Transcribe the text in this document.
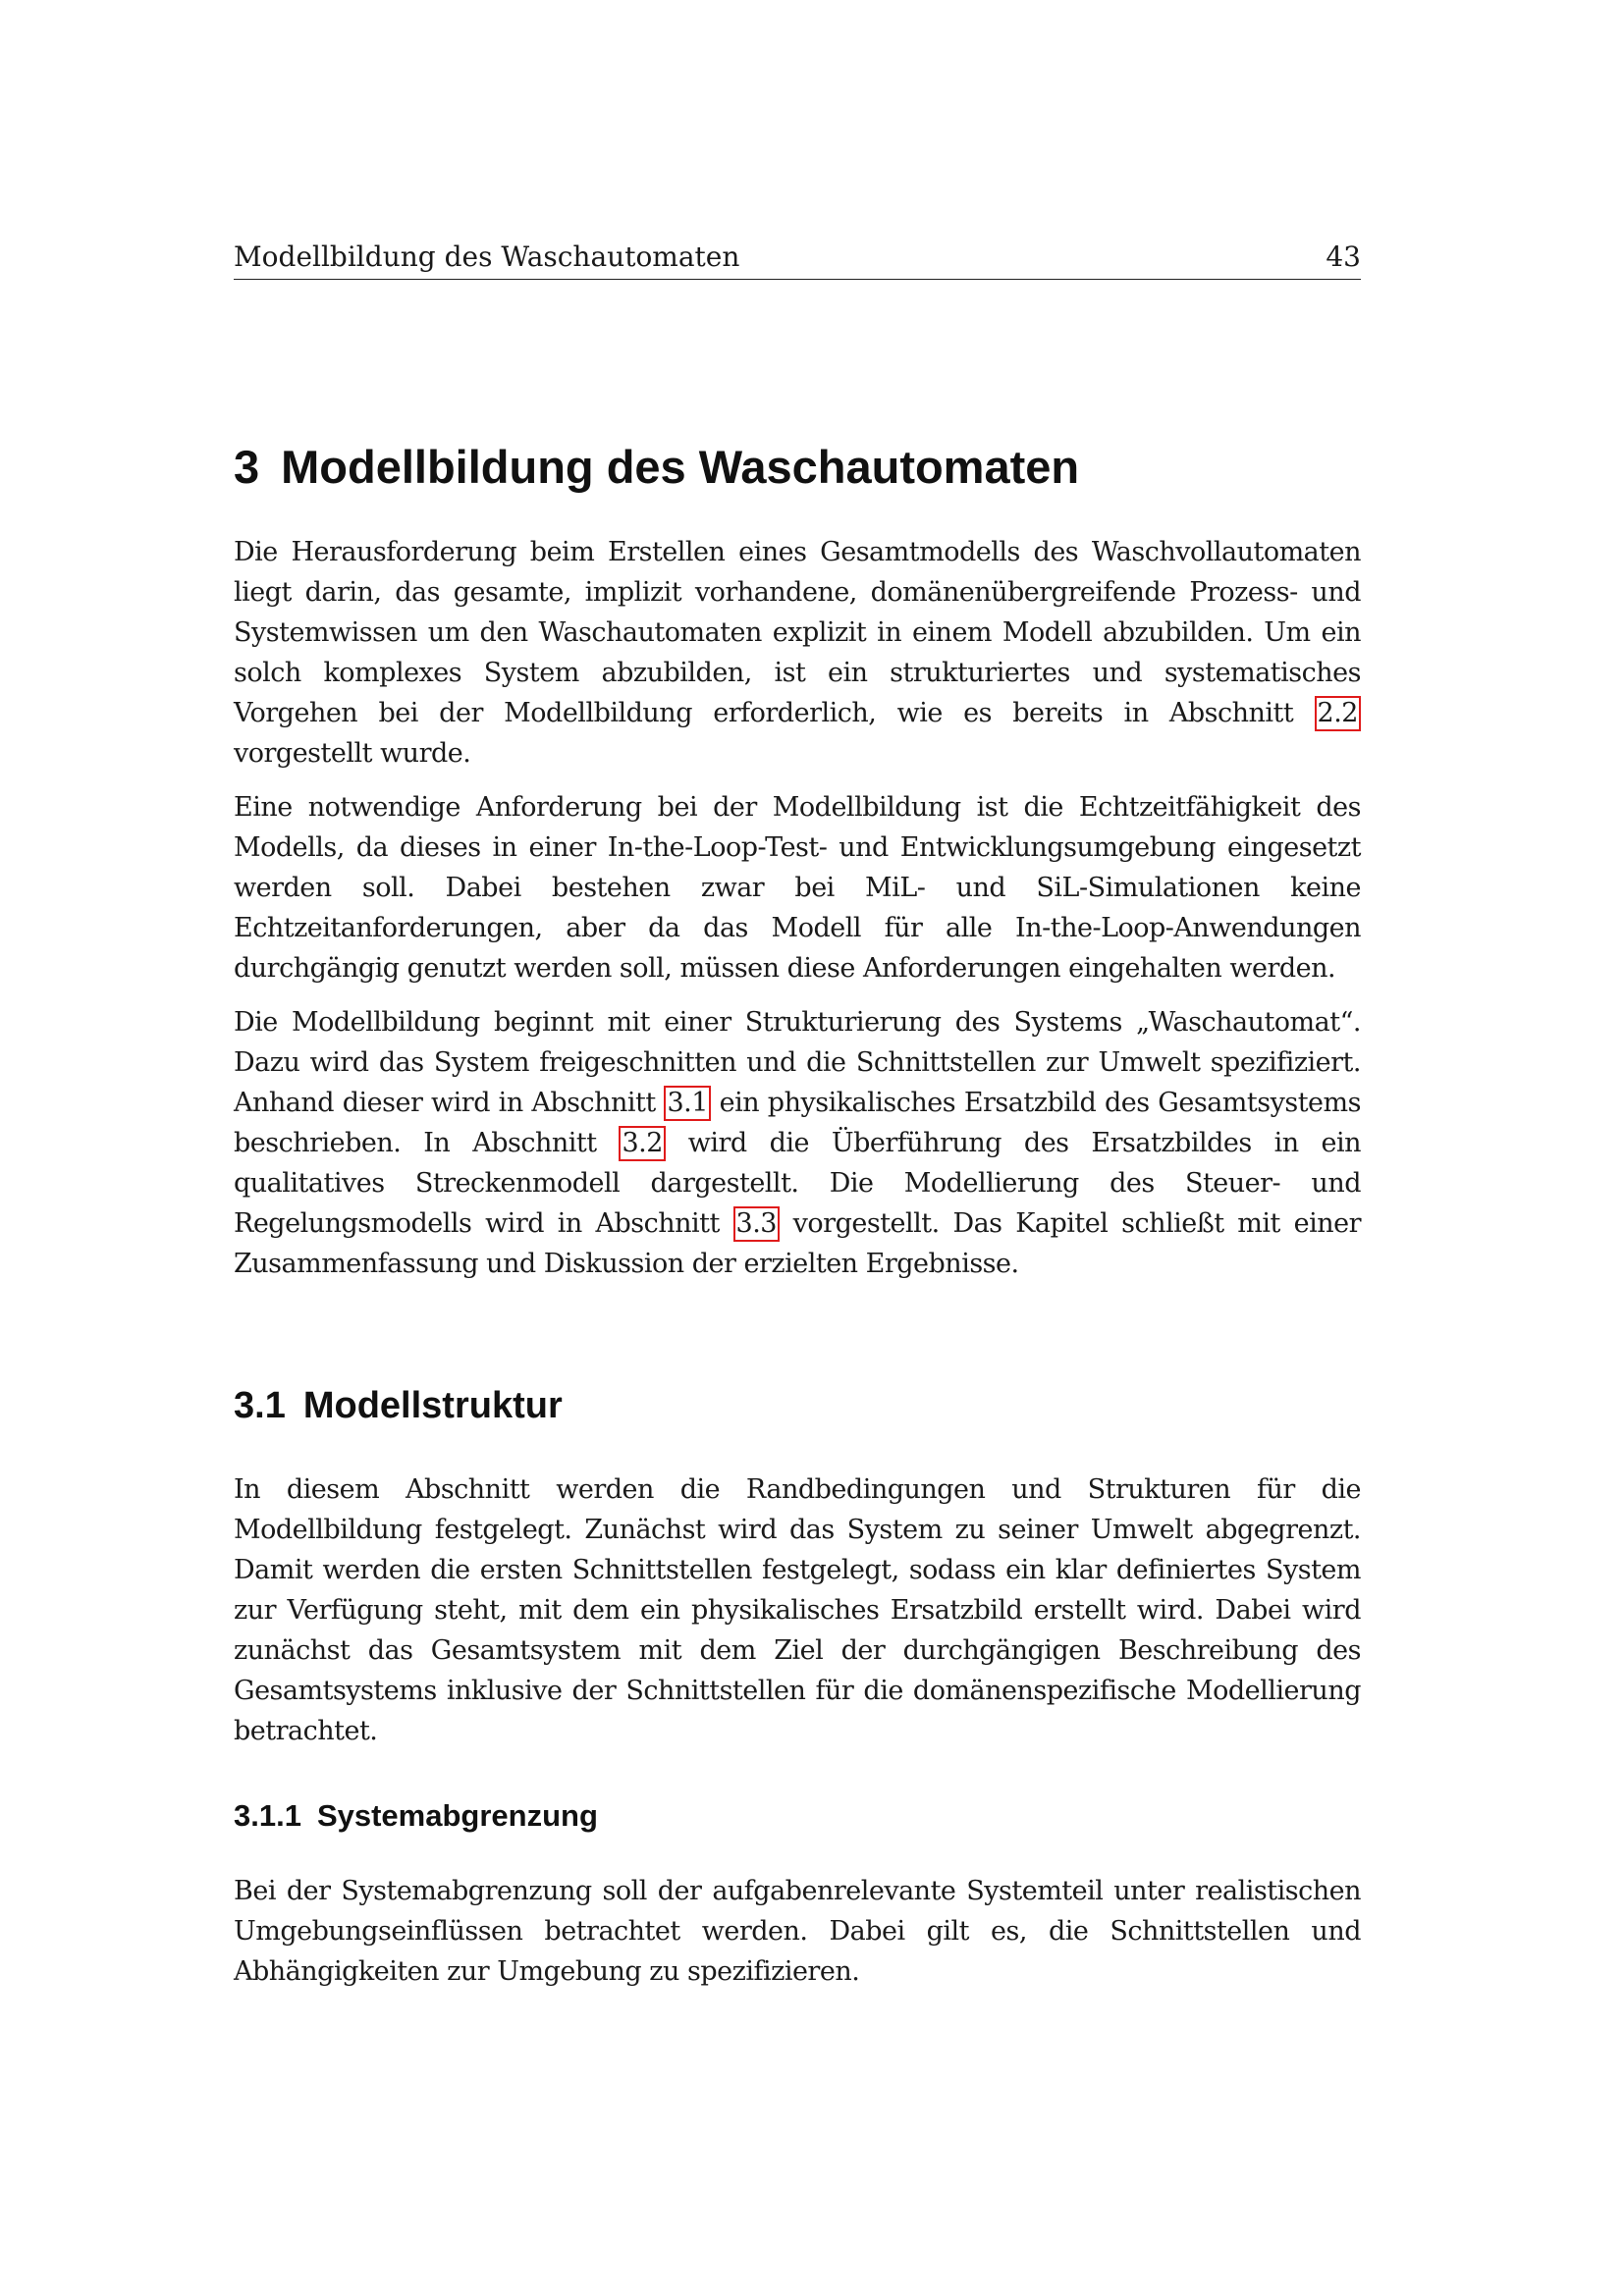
Modellbildung des Waschautomaten	43
3 Modellbildung des Waschautomaten

Die Herausforderung beim Erstellen eines Gesamtmodells des Waschvollautomaten liegt darin, das gesamte, implizit vorhandene, domänenübergreifende Prozess- und Systemwissen um den Waschautomaten explizit in einem Modell abzubilden. Um ein solch komplexes System abzubilden, ist ein strukturiertes und systematisches Vorgehen bei der Modellbildung erforderlich, wie es bereits in Abschnitt 2.2 vorgestellt wurde.

Eine notwendige Anforderung bei der Modellbildung ist die Echtzeitfähigkeit des Modells, da dieses in einer In-the-Loop-Test- und Entwicklungsumgebung eingesetzt werden soll. Dabei bestehen zwar bei MiL- und SiL-Simulationen keine Echtzeitanforderungen, aber da das Modell für alle In-the-Loop-Anwendungen durchgängig genutzt werden soll, müssen diese Anforderungen eingehalten werden.

Die Modellbildung beginnt mit einer Strukturierung des Systems „Waschautomat“. Dazu wird das System freigeschnitten und die Schnittstellen zur Umwelt spezifiziert. Anhand dieser wird in Abschnitt 3.1 ein physikalisches Ersatzbild des Gesamtsystems beschrieben. In Abschnitt 3.2 wird die Überführung des Ersatzbildes in ein qualitatives Streckenmodell dargestellt. Die Modellierung des Steuer- und Regelungsmodells wird in Abschnitt 3.3 vorgestellt. Das Kapitel schließt mit einer Zusammenfassung und Diskussion der erzielten Ergebnisse.

3.1 Modellstruktur

In diesem Abschnitt werden die Randbedingungen und Strukturen für die Modellbildung festgelegt. Zunächst wird das System zu seiner Umwelt abgegrenzt. Damit werden die ersten Schnittstellen festgelegt, sodass ein klar definiertes System zur Verfügung steht, mit dem ein physikalisches Ersatzbild erstellt wird. Dabei wird zunächst das Gesamtsystem mit dem Ziel der durchgängigen Beschreibung des Gesamtsystems inklusive der Schnittstellen für die domänenspezifische Modellierung betrachtet.

3.1.1 Systemabgrenzung

Bei der Systemabgrenzung soll der aufgabenrelevante Systemteil unter realistischen Umgebungseinflüssen betrachtet werden. Dabei gilt es, die Schnittstellen und Abhängigkeiten zur Umgebung zu spezifizieren.
